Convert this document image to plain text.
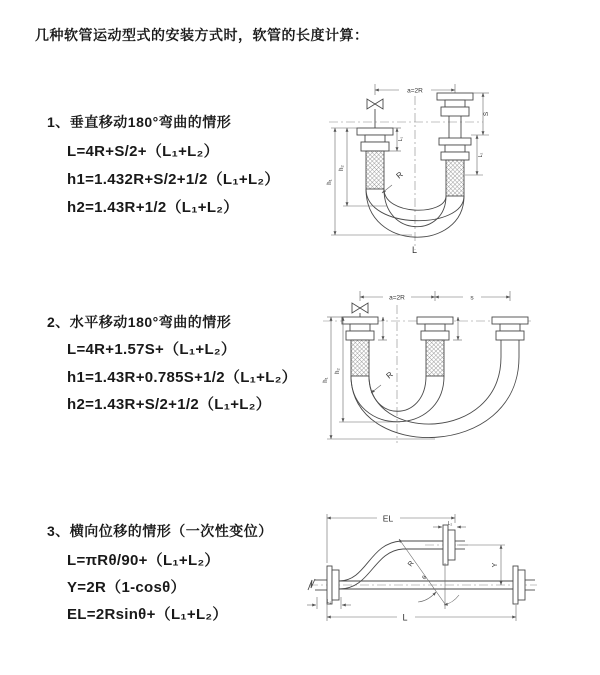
几种软管运动型式的安装方式时，软管的长度计算：
1、垂直移动180°弯曲的情形
L=4R+S/2+（L₁+L₂）
h1=1.432R+S/2+1/2（L₁+L₂）
h2=1.43R+1/2（L₁+L₂）
2、水平移动180°弯曲的情形
L=4R+1.57S+（L₁+L₂）
h1=1.43R+0.785S+1/2（L₁+L₂）
h2=1.43R+S/2+1/2（L₁+L₂）
3、横向位移的情形（一次性变位）
L=πRθ/90+（L₁+L₂）
Y=2R（1-cosθ）
EL=2Rsinθ+（L₁+L₂）
a=2R
R
L
h₁
h₂
L₁
S
L₂
a=2R	s
R
h₁
h₂
R
θ
EL
L₂
Y
L
L₁
